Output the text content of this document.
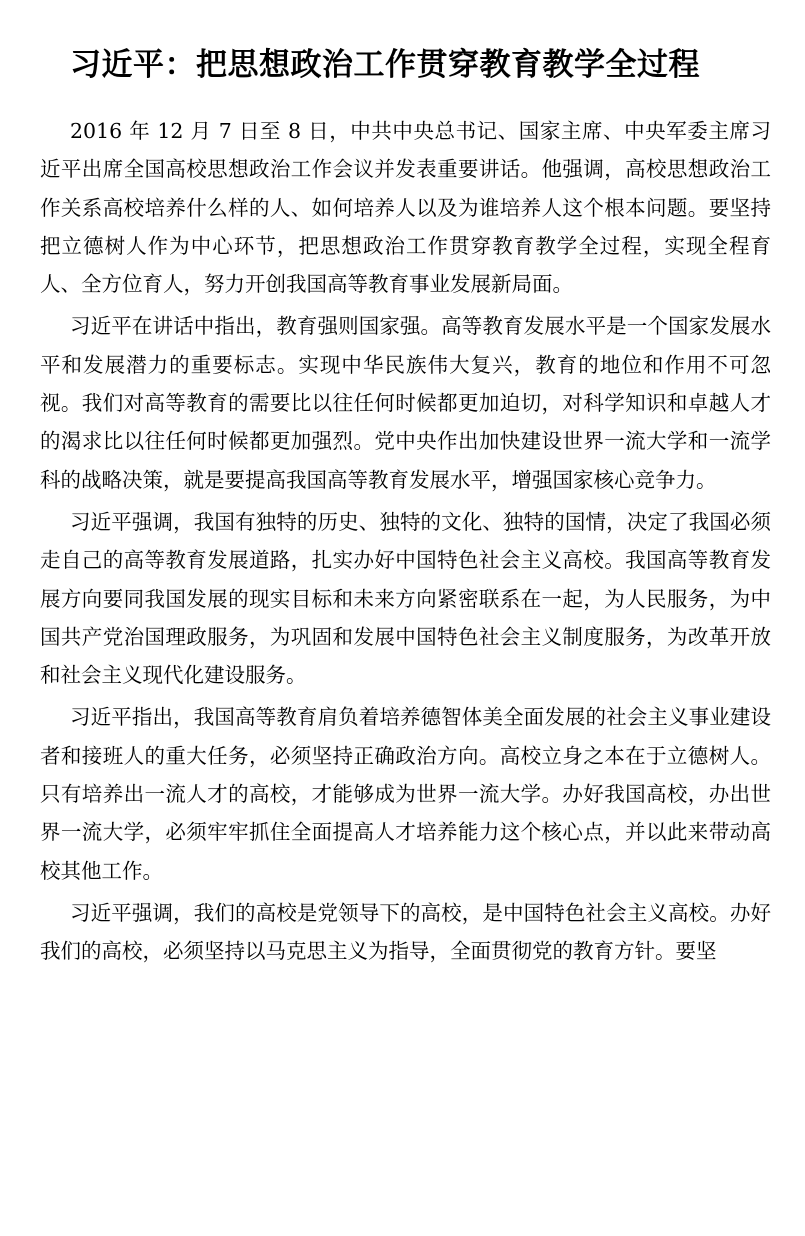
习近平：把思想政治工作贯穿教育教学全过程

2016 年 12 月 7 日至 8 日，中共中央总书记、国家主席、中央军委主席习近平出席全国高校思想政治工作会议并发表重要讲话。他强调，高校思想政治工作关系高校培养什么样的人、如何培养人以及为谁培养人这个根本问题。要坚持把立德树人作为中心环节，把思想政治工作贯穿教育教学全过程，实现全程育人、全方位育人，努力开创我国高等教育事业发展新局面。

习近平在讲话中指出，教育强则国家强。高等教育发展水平是一个国家发展水平和发展潜力的重要标志。实现中华民族伟大复兴，教育的地位和作用不可忽视。我们对高等教育的需要比以往任何时候都更加迫切，对科学知识和卓越人才的渴求比以往任何时候都更加强烈。党中央作出加快建设世界一流大学和一流学科的战略决策，就是要提高我国高等教育发展水平，增强国家核心竞争力。

习近平强调，我国有独特的历史、独特的文化、独特的国情，决定了我国必须走自己的高等教育发展道路，扎实办好中国特色社会主义高校。我国高等教育发展方向要同我国发展的现实目标和未来方向紧密联系在一起，为人民服务，为中国共产党治国理政服务，为巩固和发展中国特色社会主义制度服务，为改革开放和社会主义现代化建设服务。

习近平指出，我国高等教育肩负着培养德智体美全面发展的社会主义事业建设者和接班人的重大任务，必须坚持正确政治方向。高校立身之本在于立德树人。只有培养出一流人才的高校，才能够成为世界一流大学。办好我国高校，办出世界一流大学，必须牢牢抓住全面提高人才培养能力这个核心点，并以此来带动高校其他工作。

习近平强调，我们的高校是党领导下的高校，是中国特色社会主义高校。办好我们的高校，必须坚持以马克思主义为指导，全面贯彻党的教育方针。要坚
